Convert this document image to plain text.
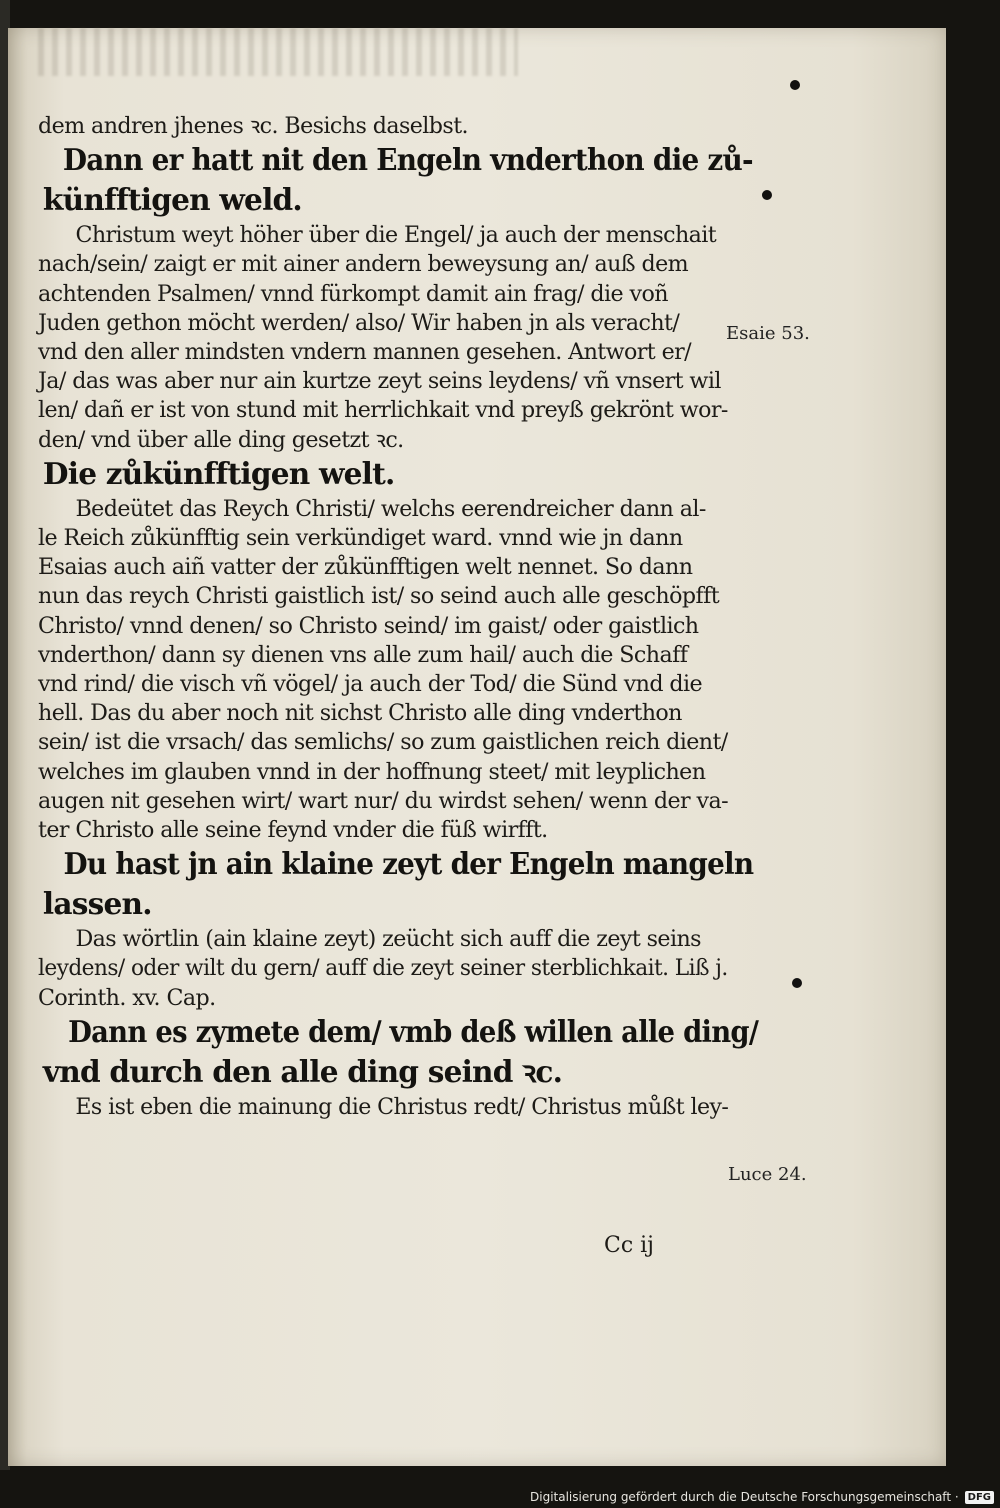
dem andren jhenes ꝛc. Besichs daselbst.
Dann er hatt nit den Engeln vnderthon die zů-
künfftigen weld.
Christum weyt höher über die Engel/ ja auch der menschait
nach/sein/ zaigt er mit ainer andern beweysung an/ auß dem
achtenden Psalmen/ vnnd fürkompt damit ain frag/ die voñ
Juden gethon möcht werden/ also/ Wir haben jn als veracht/
vnd den aller mindsten vndern mannen gesehen. Antwort er/
Ja/ das was aber nur ain kurtze zeyt seins leydens/ vñ vnsert wil
len/ dañ er ist von stund mit herrlichkait vnd preyß gekrönt wor-
den/ vnd über alle ding gesetzt ꝛc.
Die zůkünfftigen welt.
Bedeütet das Reych Christi/ welchs eerendreicher dann al-
le Reich zůkünfftig sein verkündiget ward. vnnd wie jn dann
Esaias auch aiñ vatter der zůkünfftigen welt nennet. So dann
nun das reych Christi gaistlich ist/ so seind auch alle geschöpfft
Christo/ vnnd denen/ so Christo seind/ im gaist/ oder gaistlich
vnderthon/ dann sy dienen vns alle zum hail/ auch die Schaff
vnd rind/ die visch vñ vögel/ ja auch der Tod/ die Sünd vnd die
hell. Das du aber noch nit sichst Christo alle ding vnderthon
sein/ ist die vrsach/ das semlichs/ so zum gaistlichen reich dient/
welches im glauben vnnd in der hoffnung steet/ mit leyplichen
augen nit gesehen wirt/ wart nur/ du wirdst sehen/ wenn der va-
ter Christo alle seine feynd vnder die füß wirfft.
Du hast jn ain klaine zeyt der Engeln mangeln
lassen.
Das wörtlin (ain klaine zeyt) zeücht sich auff die zeyt seins
leydens/ oder wilt du gern/ auff die zeyt seiner sterblichkait. Liß j.
Corinth. xv. Cap.
Dann es zymete dem/ vmb deß willen alle ding/
vnd durch den alle ding seind ꝛc.
Es ist eben die mainung die Christus redt/ Christus můßt ley-
Cc ij
Esaie 53.
Luce 24.
Digitalisierung gefördert durch die Deutsche Forschungsgemeinschaft · DFG
